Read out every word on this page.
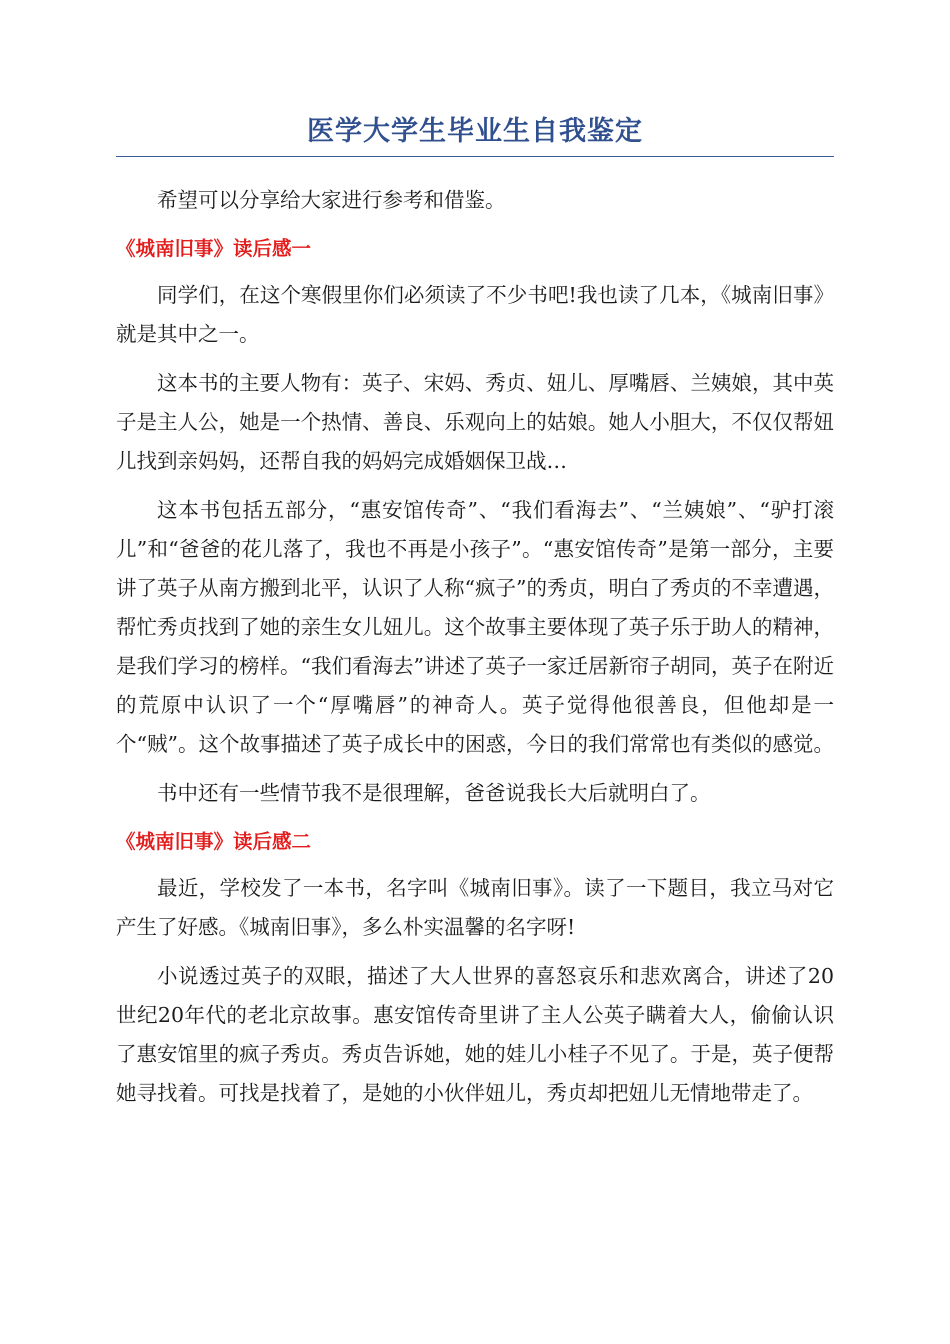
医学大学生毕业生自我鉴定

希望可以分享给大家进行参考和借鉴。

《城南旧事》读后感一

同学们，在这个寒假里你们必须读了不少书吧!我也读了几本，《城南旧事》就是其中之一。

这本书的主要人物有：英子、宋妈、秀贞、妞儿、厚嘴唇、兰姨娘，其中英子是主人公，她是一个热情、善良、乐观向上的姑娘。她人小胆大，不仅仅帮妞儿找到亲妈妈，还帮自我的妈妈完成婚姻保卫战…

这本书包括五部分，“惠安馆传奇”、“我们看海去”、“兰姨娘”、“驴打滚儿”和“爸爸的花儿落了，我也不再是小孩子”。“惠安馆传奇”是第一部分，主要讲了英子从南方搬到北平，认识了人称“疯子”的秀贞，明白了秀贞的不幸遭遇，帮忙秀贞找到了她的亲生女儿妞儿。这个故事主要体现了英子乐于助人的精神，是我们学习的榜样。“我们看海去”讲述了英子一家迁居新帘子胡同，英子在附近的荒原中认识了一个“厚嘴唇”的神奇人。英子觉得他很善良，但他却是一个“贼”。这个故事描述了英子成长中的困惑，今日的我们常常也有类似的感觉。

书中还有一些情节我不是很理解，爸爸说我长大后就明白了。

《城南旧事》读后感二

最近，学校发了一本书，名字叫《城南旧事》。读了一下题目，我立马对它产生了好感。《城南旧事》，多么朴实温馨的名字呀!

小说透过英子的双眼，描述了大人世界的喜怒哀乐和悲欢离合，讲述了20世纪20年代的老北京故事。惠安馆传奇里讲了主人公英子瞒着大人，偷偷认识了惠安馆里的疯子秀贞。秀贞告诉她，她的娃儿小桂子不见了。于是，英子便帮她寻找着。可找是找着了，是她的小伙伴妞儿，秀贞却把妞儿无情地带走了。
